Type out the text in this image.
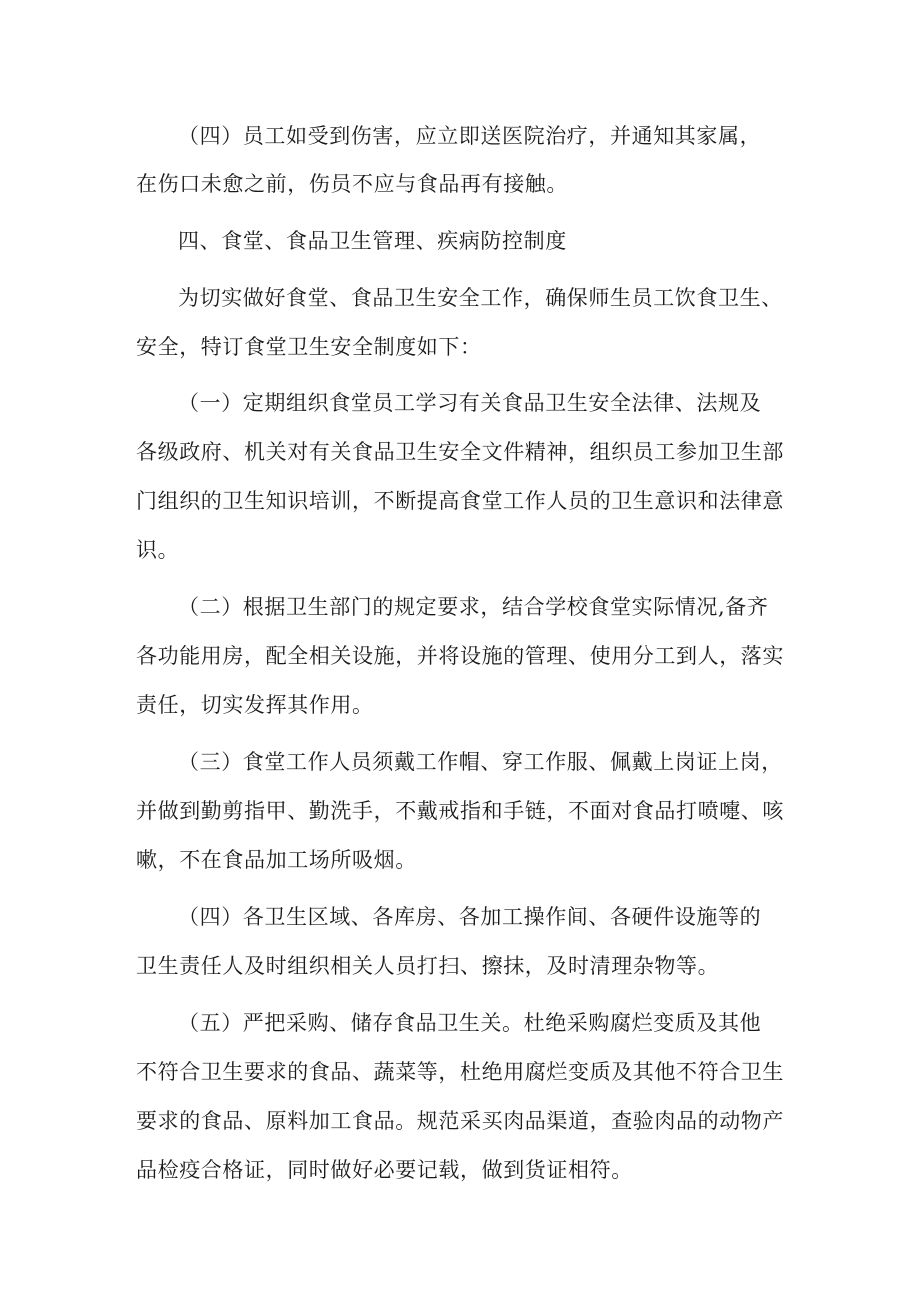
（四）员工如受到伤害，应立即送医院治疗，并通知其家属，
在伤口未愈之前，伤员不应与食品再有接触。
四、食堂、食品卫生管理、疾病防控制度
为切实做好食堂、食品卫生安全工作，确保师生员工饮食卫生、
安全，特订食堂卫生安全制度如下：
（一）定期组织食堂员工学习有关食品卫生安全法律、法规及
各级政府、机关对有关食品卫生安全文件精神，组织员工参加卫生部
门组织的卫生知识培训，不断提高食堂工作人员的卫生意识和法律意
识。
（二）根据卫生部门的规定要求，结合学校食堂实际情况,备齐
各功能用房，配全相关设施，并将设施的管理、使用分工到人，落实
责任，切实发挥其作用。
（三）食堂工作人员须戴工作帽、穿工作服、佩戴上岗证上岗，
并做到勤剪指甲、勤洗手，不戴戒指和手链，不面对食品打喷嚏、咳
嗽，不在食品加工场所吸烟。
（四）各卫生区域、各库房、各加工操作间、各硬件设施等的
卫生责任人及时组织相关人员打扫、擦抹，及时清理杂物等。
（五）严把采购、储存食品卫生关。杜绝采购腐烂变质及其他
不符合卫生要求的食品、蔬菜等，杜绝用腐烂变质及其他不符合卫生
要求的食品、原料加工食品。规范采买肉品渠道，查验肉品的动物产
品检疫合格证，同时做好必要记载，做到货证相符。
